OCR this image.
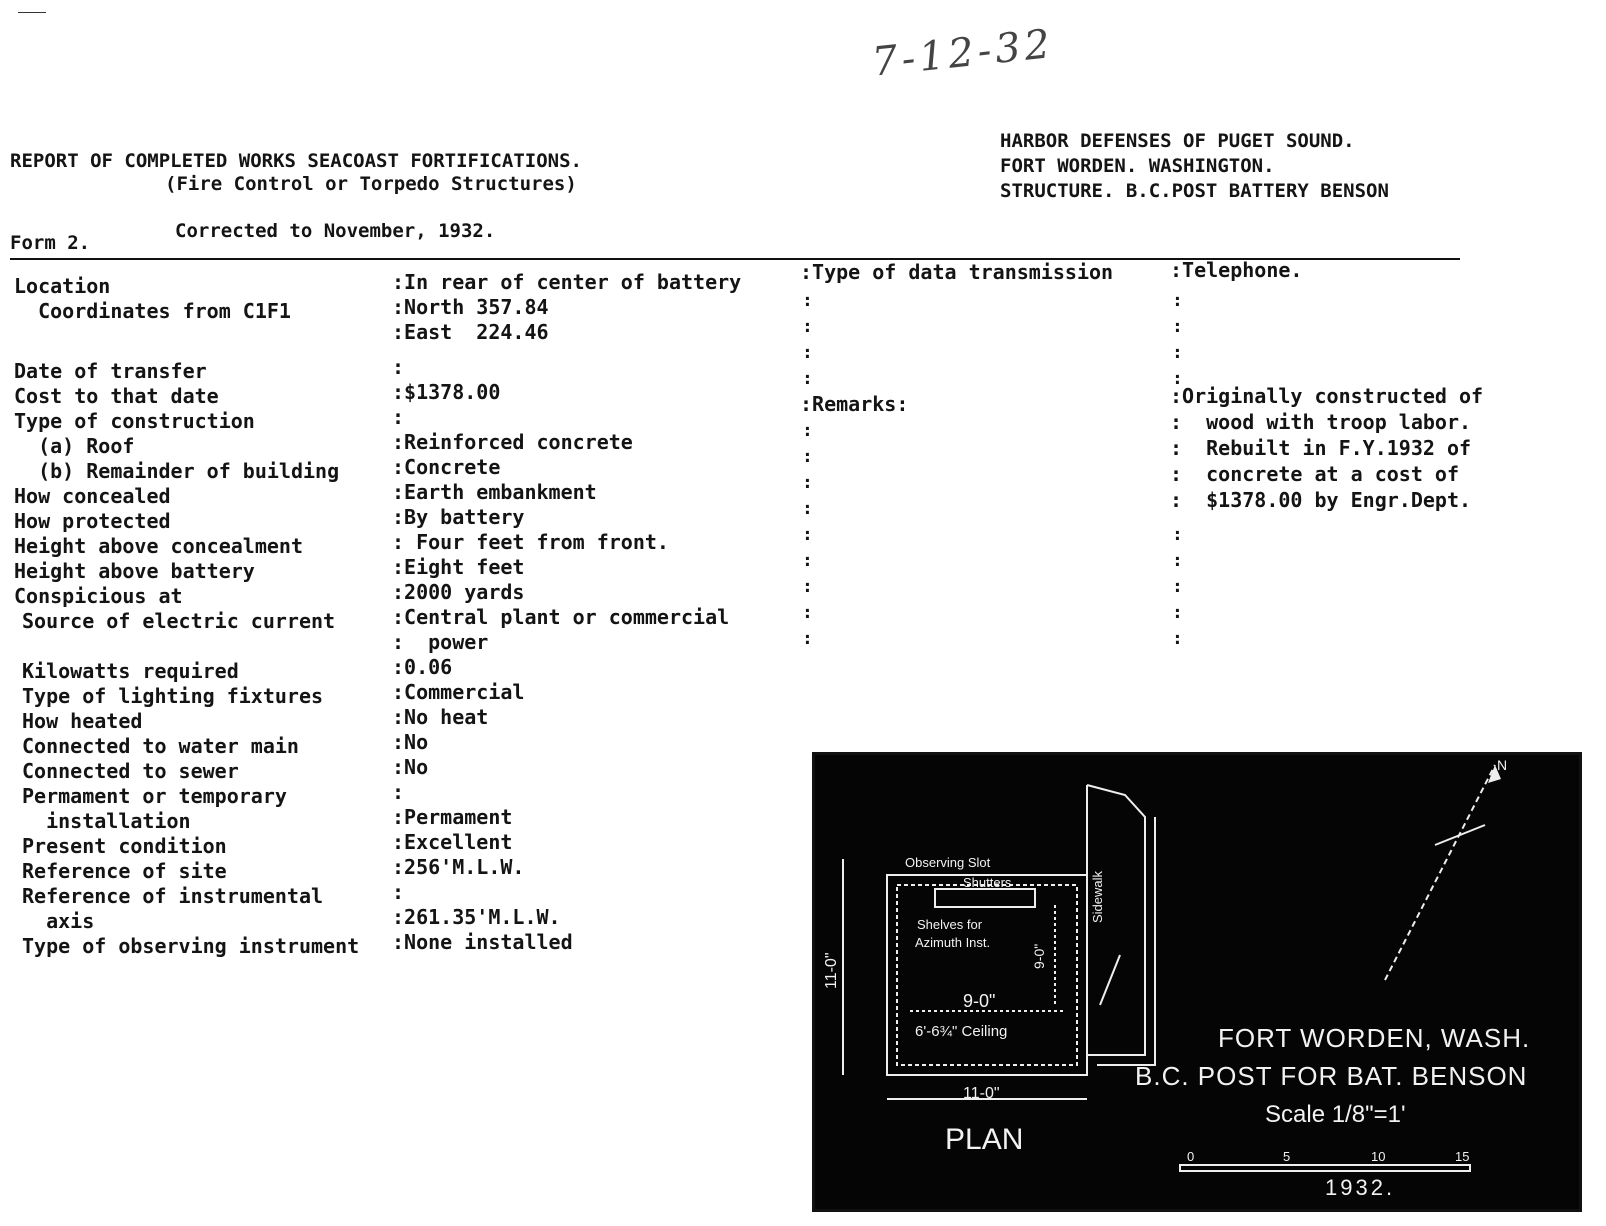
7-12-32
REPORT OF COMPLETED WORKS SEACOAST FORTIFICATIONS.
(Fire Control or Torpedo Structures)
HARBOR DEFENSES OF PUGET SOUND.
FORT WORDEN. WASHINGTON.
STRUCTURE. B.C.POST BATTERY BENSON
Form 2.
Corrected to November, 1932.
Location	:In rear of center of battery
Coordinates from C1F1	:North 357.84
:East  224.46
Date of transfer	:
Cost to that date	:$1378.00
Type of construction	:
(a) Roof	:Reinforced concrete
(b) Remainder of building	:Concrete
How concealed	:Earth embankment
How protected	:By battery
Height above concealment	: Four feet from front.
Height above battery	:Eight feet
Conspicious at	:2000 yards
Source of electric current	:Central plant or commercial
:  power
Kilowatts required	:0.06
Type of lighting fixtures	:Commercial
How heated	:No heat
Connected to water main	:No
Connected to sewer	:No
Permament or temporary	:
installation	:Permament
Present condition	:Excellent
Reference of site	:256'M.L.W.
Reference of instrumental	:
axis	:261.35'M.L.W.
Type of observing instrument :None installed
:Type of data transmission	:Telephone.
:Remarks:	:Originally constructed of
:  wood with troop labor.
:  Rebuilt in F.Y.1932 of
:  concrete at a cost of
:  $1378.00 by Engr.Dept.
:
:
:
:
:
:
:
:
:
:
:
:
:
:
:
:
:
:
:
:
:
:
Observing Slot
Shutters
Shelves for
Azimuth Inst.
Sidewalk
9-0"
6'-6¾" Ceiling
11-0"	9-0"
11-0"
PLAN
N
FORT WORDEN, WASH.
B.C. POST FOR BAT. BENSON
Scale 1/8"=1'
0	5	10	15
1932.
